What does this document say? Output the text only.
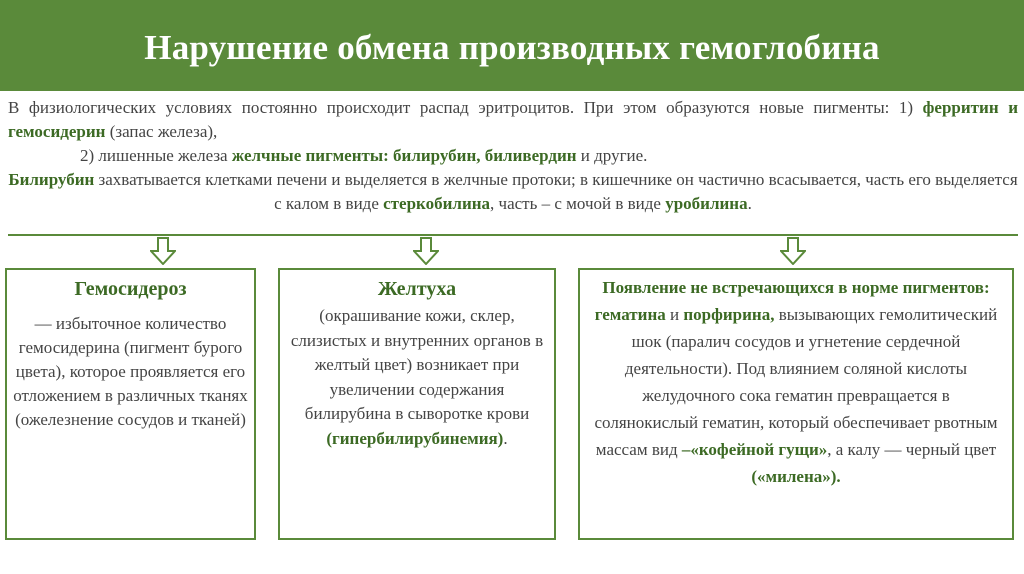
Нарушение обмена производных гемоглобина

В физиологических условиях постоянно происходит распад эритроцитов. При этом образуются новые пигменты: 1) ферритин и гемосидерин (запас железа),

2) лишенные железа желчные пигменты: билирубин, биливердин и другие.

Билирубин захватывается клетками печени и выделяется в желчные протоки; в кишечнике он частично всасывается, часть его выделяется с калом в виде стеркобилина, часть – с мочой в виде уробилина.

Гемосидероз
— избыточное количество гемосидерина (пигмент бурого цвета), которое проявляется его отложением в различных тканях (ожелезнение сосудов и тканей)
Желтуха
(окрашивание кожи, склер, слизистых и внутренних органов в желтый цвет) возникает при увеличении содержания билирубина в сыворотке крови (гипербилирубинемия).
Появление не встречающихся в норме пигментов: гематина и порфирина, вызывающих гемолитический шок (паралич сосудов и угнетение сердечной деятельности). Под влиянием соляной кислоты желудочного сока гематин превращается в солянокислый гематин, который обеспечивает рвотным массам вид –«кофейной гущи», а калу — черный цвет («милена»).
